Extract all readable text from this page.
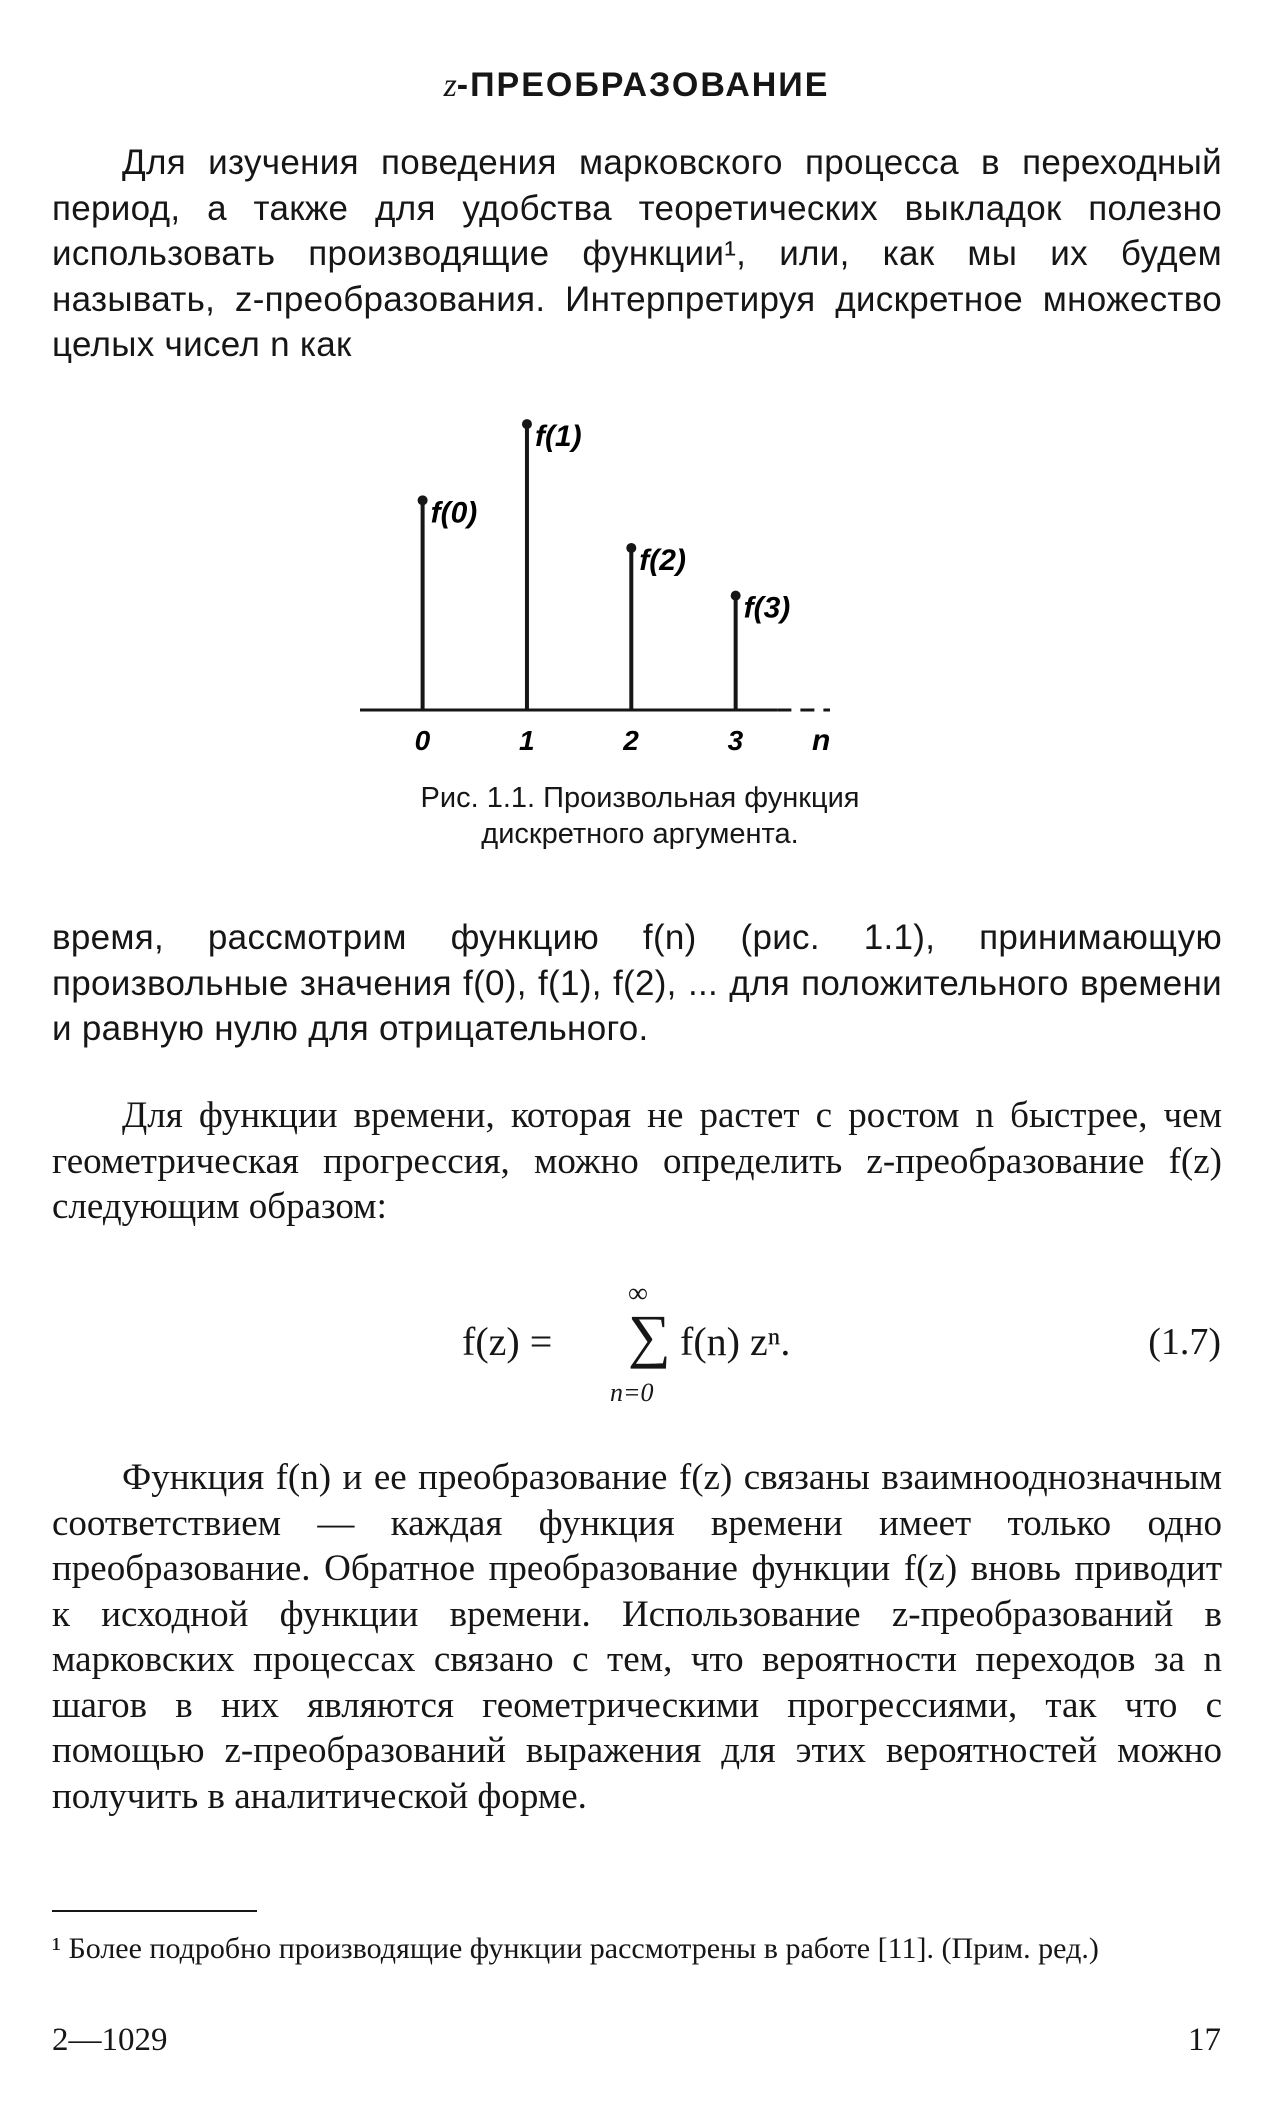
z-ПРЕОБРАЗОВАНИЕ

Для изучения поведения марковского процесса в переходный период, а также для удобства теоретических выкладок полезно использовать производящие функции¹, или, как мы их будем называть, z-преобразования. Интерпретируя дискретное множество целых чисел n как

f(0)
0
f(1)
1
f(2)
2
f(3)
3 n
Рис. 1.1. Произвольная функция дискретного аргумента.

время, рассмотрим функцию f(n) (рис. 1.1), принимающую произвольные значения f(0), f(1), f(2), ... для положительного времени и равную нулю для отрицательного.

Для функции времени, которая не растет с ростом n быстрее, чем геометрическая прогрессия, можно определить z-преобразование f(z) следующим образом:

f(z) =
∞
∑
n=0
f(n) zⁿ.	(1.7)

Функция f(n) и ее преобразование f(z) связаны взаимнооднозначным соответствием — каждая функция времени имеет только одно преобразование. Обратное преобразование функции f(z) вновь приводит к исходной функции времени. Использование z-преобразований в марковских процессах связано с тем, что вероятности переходов за n шагов в них являются геометрическими прогрессиями, так что с помощью z-преобразований выражения для этих вероятностей можно получить в аналитической форме.

¹ Более подробно производящие функции рассмотрены в работе [11]. (Прим. ред.)

2—1029	17
